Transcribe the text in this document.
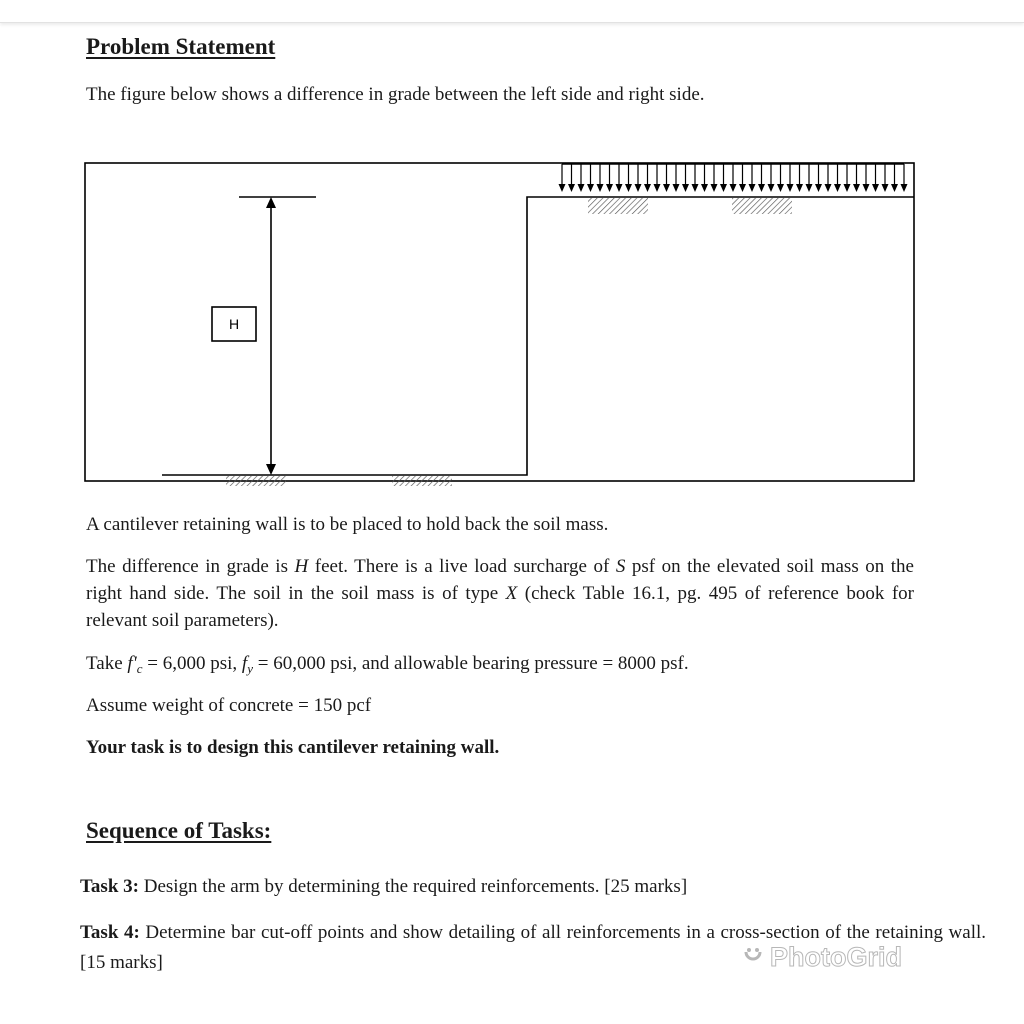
Problem Statement
The figure below shows a difference in grade between the left side and right side.
H
A cantilever retaining wall is to be placed to hold back the soil mass.
The difference in grade is H feet. There is a live load surcharge of S psf on the elevated soil mass on the right hand side. The soil in the soil mass is of type X (check Table 16.1, pg. 495 of reference book for relevant soil parameters).
Take $f'_c = 6,000$ psi, $f_y = 60,000$ psi, and allowable bearing pressure = 8000 psf.
Assume weight of concrete = 150 pcf
Your task is to design this cantilever retaining wall.
Sequence of Tasks:
Task 3: Design the arm by determining the required reinforcements. [25 marks]
Task 4: Determine bar cut-off points and show detailing of all reinforcements in a cross-section of the retaining wall. [15 marks]	PhotoGrid
